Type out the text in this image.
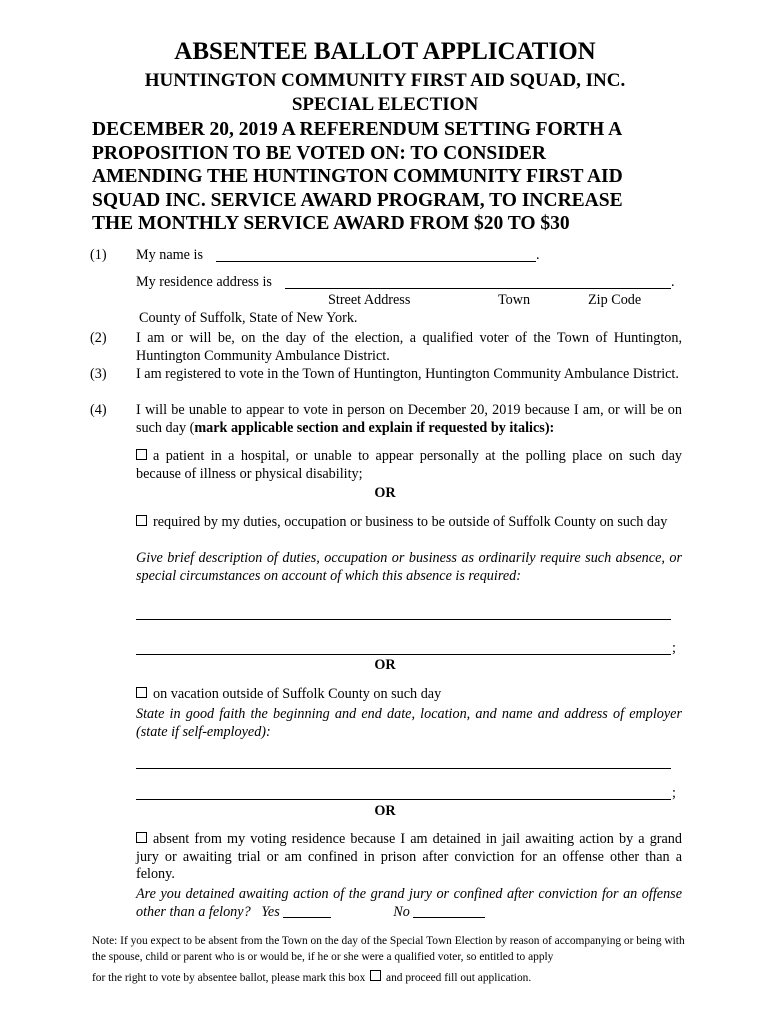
ABSENTEE BALLOT APPLICATION
HUNTINGTON COMMUNITY FIRST AID SQUAD, INC.
SPECIAL ELECTION
DECEMBER 20, 2019 A REFERENDUM SETTING FORTH A
PROPOSITION TO BE VOTED ON: TO CONSIDER
AMENDING THE HUNTINGTON COMMUNITY FIRST AID
SQUAD INC. SERVICE AWARD PROGRAM, TO INCREASE
THE MONTHLY SERVICE AWARD FROM $20 TO $30
(1) My name is	.
My residence address is	.
Street Address	Town	Zip Code
County of Suffolk, State of New York.
(2) I am or will be, on the day of the election, a qualified voter of the Town of Huntington, Huntington Community Ambulance District.
(3) I am registered to vote in the Town of Huntington, Huntington Community Ambulance District.
(4) I will be unable to appear to vote in person on December 20, 2019 because I am, or will be on such day (mark applicable section and explain if requested by italics):
a patient in a hospital, or unable to appear personally at the polling place on such day because of illness or physical disability;
OR
required by my duties, occupation or business to be outside of Suffolk County on such day
Give brief description of duties, occupation or business as ordinarily require such absence, or special circumstances on account of which this absence is required:
;
OR
on vacation outside of Suffolk County on such day
State in good faith the beginning and end date, location, and name and address of employer (state if self-employed):
;
OR
absent from my voting residence because I am detained in jail awaiting action by a grand jury or awaiting trial or am confined in prison after conviction for an offense other than a felony.
Are you detained awaiting action of the grand jury or confined after conviction for an offense other than a felony? Yes	No
Note: If you expect to be absent from the Town on the day of the Special Town Election by reason of accompanying or being with the spouse, child or parent who is or would be, if he or she were a qualified voter, so entitled to apply
for the right to vote by absentee ballot, please mark this box and proceed fill out application.
